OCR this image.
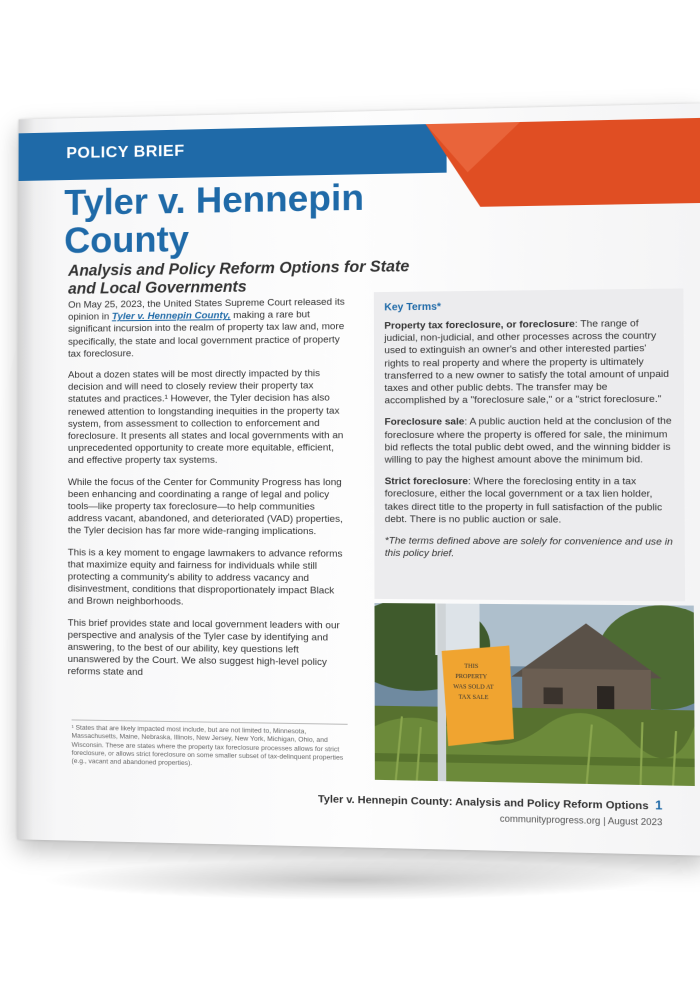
POLICY BRIEF
Tyler v. Hennepin County
Analysis and Policy Reform Options for State and Local Governments

On May 25, 2023, the United States Supreme Court released its opinion in Tyler v. Hennepin County, making a rare but significant incursion into the realm of property tax law and, more specifically, the state and local government practice of property tax foreclosure.

About a dozen states will be most directly impacted by this decision and will need to closely review their property tax statutes and practices.¹ However, the Tyler decision has also renewed attention to longstanding inequities in the property tax system, from assessment to collection to enforcement and foreclosure. It presents all states and local governments with an unprecedented opportunity to create more equitable, efficient, and effective property tax systems.

While the focus of the Center for Community Progress has long been enhancing and coordinating a range of legal and policy tools—like property tax foreclosure—to help communities address vacant, abandoned, and deteriorated (VAD) properties, the Tyler decision has far more wide-ranging implications.

This is a key moment to engage lawmakers to advance reforms that maximize equity and fairness for individuals while still protecting a community's ability to address vacancy and disinvestment, conditions that disproportionately impact Black and Brown neighborhoods.

This brief provides state and local government leaders with our perspective and analysis of the Tyler case by identifying and answering, to the best of our ability, key questions left unanswered by the Court. We also suggest high-level policy reforms state and

¹ States that are likely impacted most include, but are not limited to, Minnesota, Massachusetts, Maine, Nebraska, Illinois, New Jersey, New York, Michigan, Ohio, and Wisconsin. These are states where the property tax foreclosure processes allows for strict foreclosure, or allows strict foreclosure on some smaller subset of tax-delinquent properties (e.g., vacant and abandoned properties).
Key Terms*

Property tax foreclosure, or foreclosure: The range of judicial, non-judicial, and other processes across the country used to extinguish an owner's and other interested parties' rights to real property and where the property is ultimately transferred to a new owner to satisfy the total amount of unpaid taxes and other public debts. The transfer may be accomplished by a "foreclosure sale," or a "strict foreclosure."

Foreclosure sale: A public auction held at the conclusion of the foreclosure where the property is offered for sale, the minimum bid reflects the total public debt owed, and the winning bidder is willing to pay the highest amount above the minimum bid.

Strict foreclosure: Where the foreclosing entity in a tax foreclosure, either the local government or a tax lien holder, takes direct title to the property in full satisfaction of the public debt. There is no public auction or sale.

*The terms defined above are solely for convenience and use in this policy brief.

THIS
PROPERTY
WAS SOLD AT
TAX SALE
Tyler v. Hennepin County: Analysis and Policy Reform Options 1
communityprogress.org | August 2023
